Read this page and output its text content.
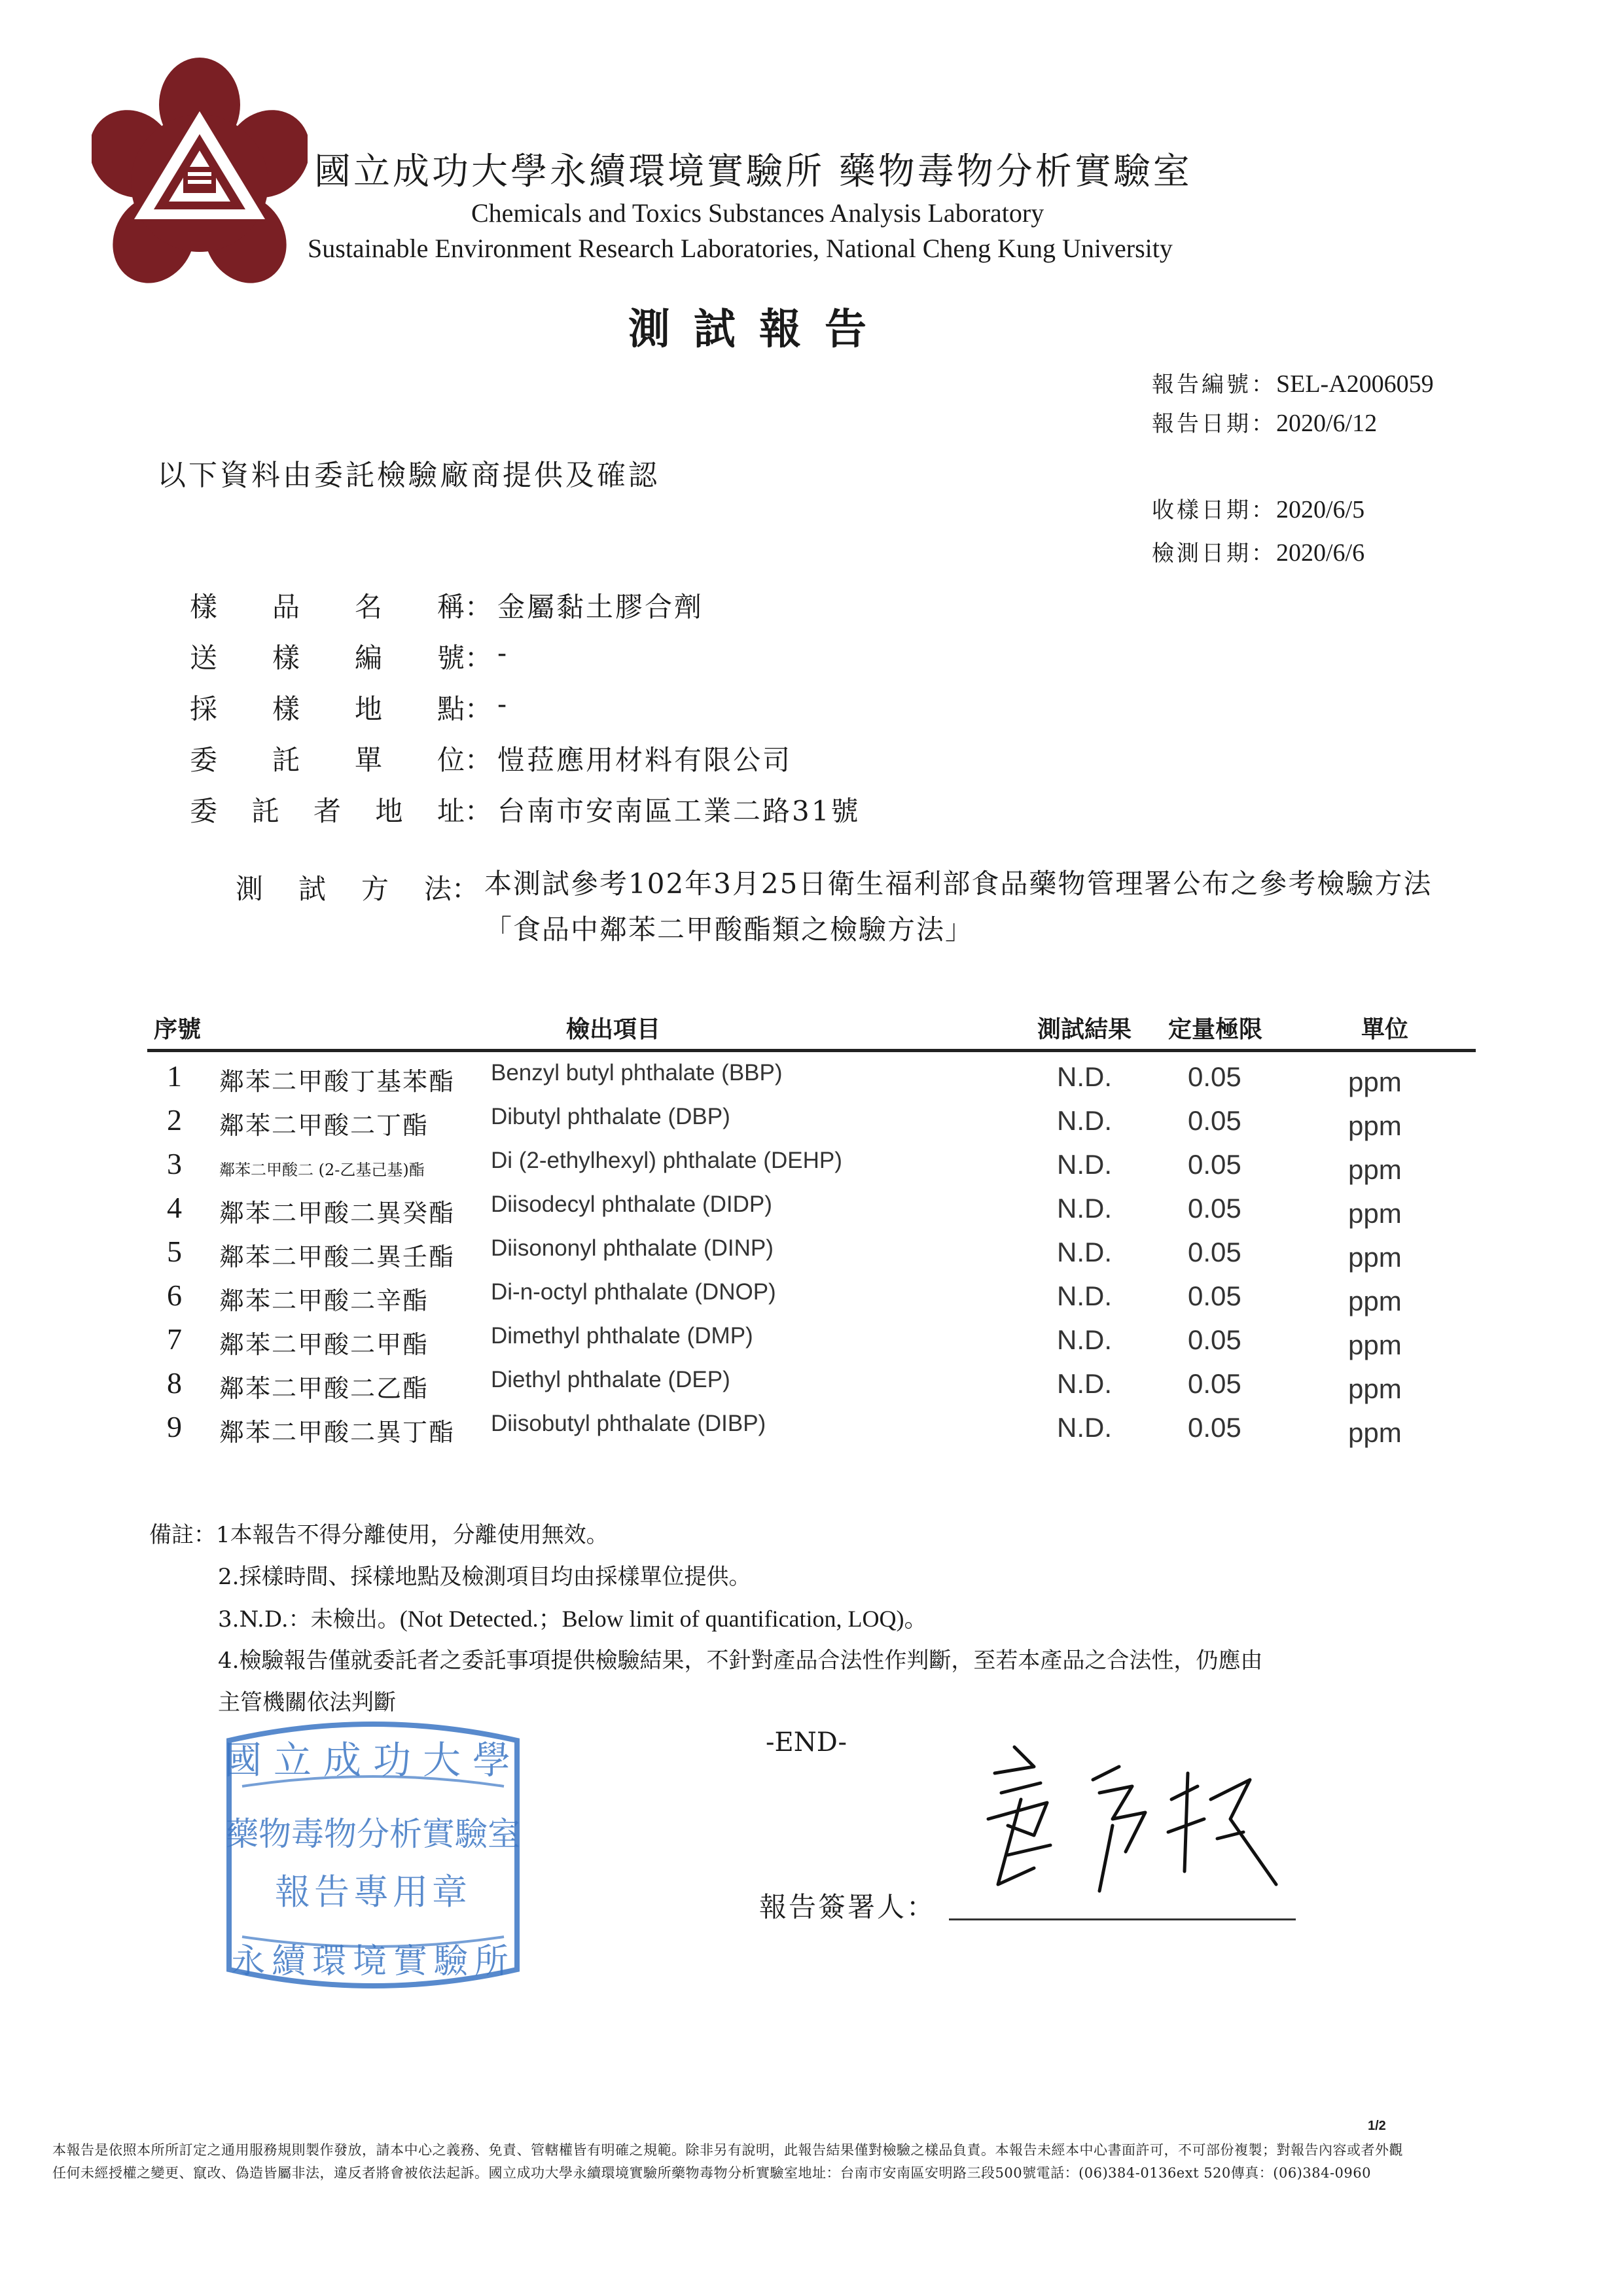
國立成功大學永續環境實驗所 藥物毒物分析實驗室
Chemicals and Toxics Substances Analysis Laboratory
Sustainable Environment Research Laboratories, National Cheng Kung University
測試報告
報告編號：SEL-A2006059
報告日期：2020/6/12
收樣日期：2020/6/5
檢測日期：2020/6/6
以下資料由委託檢驗廠商提供及確認
樣 品 名 稱 ： 金屬黏土膠合劑
送 樣 編 號 ： -
採 樣 地 點 ： -
委 託 單 位 ： 愷菈應用材料有限公司
委 託 者 地 址 ： 台南市安南區工業二路31號
測 試 方 法 ： 本測試參考102年3月25日衛生福利部食品藥物管理署公布之參考檢驗方法「食品中鄰苯二甲酸酯類之檢驗方法」
序號	檢出項目	測試結果 定量極限	單位
1 鄰苯二甲酸丁基苯酯 Benzyl butyl phthalate (BBP)	N.D.	0.05	ppm
2 鄰苯二甲酸二丁酯	Dibutyl phthalate (DBP)	N.D.	0.05	ppm
3 鄰苯二甲酸二 (2-乙基己基)酯	Di (2-ethylhexyl) phthalate (DEHP)	N.D.	0.05	ppm
4 鄰苯二甲酸二異癸酯 Diisodecyl phthalate (DIDP)	N.D.	0.05	ppm
5 鄰苯二甲酸二異壬酯 Diisononyl phthalate (DINP)	N.D.	0.05	ppm
6 鄰苯二甲酸二辛酯	Di-n-octyl phthalate (DNOP)	N.D.	0.05	ppm
7 鄰苯二甲酸二甲酯	Dimethyl phthalate (DMP)	N.D.	0.05	ppm
8 鄰苯二甲酸二乙酯	Diethyl phthalate (DEP)	N.D.	0.05	ppm
9 鄰苯二甲酸二異丁酯 Diisobutyl phthalate (DIBP)	N.D.	0.05	ppm
備註：1本報告不得分離使用，分離使用無效。
2.採樣時間、採樣地點及檢測項目均由採樣單位提供。
3.N.D.：未檢出。(Not Detected.；Below limit of quantification, LOQ)。
4.檢驗報告僅就委託者之委託事項提供檢驗結果，不針對產品合法性作判斷，至若本產品之合法性，仍應由
主管機關依法判斷
國立成功大學
藥物毒物分析實驗室
報告專用章
永續環境實驗所
-END-
報告簽署人：
1/2
本報告是依照本所所訂定之通用服務規則製作發放，請本中心之義務、免責、管轄權皆有明確之規範。除非另有說明，此報告結果僅對檢驗之樣品負責。本報告未經本中心書面許可，不可部份複製；對報告內容或者外觀
任何未經授權之變更、竄改、偽造皆屬非法，違反者將會被依法起訴。國立成功大學永續環境實驗所藥物毒物分析實驗室地址：台南市安南區安明路三段500號電話：(06)384-0136ext 520傳真：(06)384-0960
